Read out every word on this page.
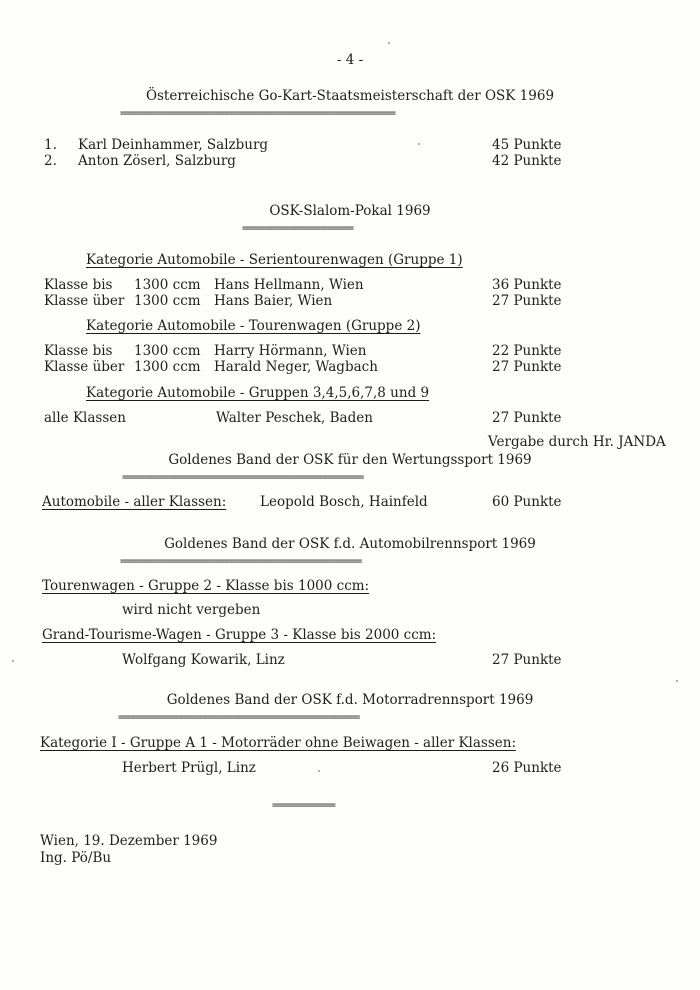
- 4 -
Österreichische Go-Kart-Staatsmeisterschaft der OSK 1969
=========================================================
1. Karl Deinhammer, Salzburg	45 Punkte
2. Anton Zöserl, Salzburg	42 Punkte
OSK-Slalom-Pokal 1969
=======================
Kategorie Automobile - Serientourenwagen (Gruppe 1)
Klasse bis 1300 ccm Hans Hellmann, Wien	36 Punkte
Klasse über 1300 ccm Hans Baier, Wien	27 Punkte
Kategorie Automobile - Tourenwagen (Gruppe 2)
Klasse bis 1300 ccm Harry Hörmann, Wien	22 Punkte
Klasse über 1300 ccm Harald Neger, Wagbach	27 Punkte
Kategorie Automobile - Gruppen 3,4,5,6,7,8 und 9
alle Klassen	Walter Peschek, Baden	27 Punkte
Vergabe durch Hr. JANDA
Goldenes Band der OSK für den Wertungssport 1969
==================================================
Automobile - aller Klassen: Leopold Bosch, Hainfeld	60 Punkte
Goldenes Band der OSK f.d. Automobilrennsport 1969
==================================================
Tourenwagen - Gruppe 2 - Klasse bis 1000 ccm:
wird nicht vergeben
Grand-Tourisme-Wagen - Gruppe 3 - Klasse bis 2000 ccm:
Wolfgang Kowarik, Linz	27 Punkte
Goldenes Band der OSK f.d. Motorradrennsport 1969
==================================================
Kategorie I - Gruppe A 1 - Motorräder ohne Beiwagen - aller Klassen:
Herbert Prügl, Linz	26 Punkte
=============
Wien, 19. Dezember 1969
Ing. Pö/Bu
